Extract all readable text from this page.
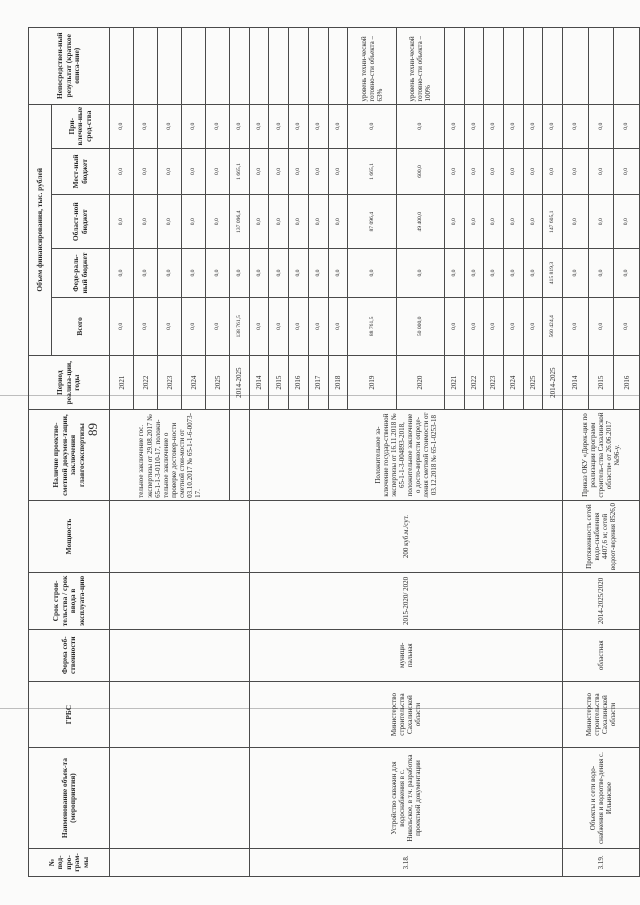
89
№ под-про-грам-мы	Наименование объек-та (мероприятия)	ГРБС	Форма соб-ственности	Срок строи-тельства / срок ввода в эксплуата-цию	Мощность	Наличие проектно-сметной докумен-тации, заключения главгосэкспертизы	Период реализа-ции, годы	Объем финансирования, тыс. рублей					Непосредствен-ный результат (краткое описа-ние)
								Всего	Феде-раль-ный бюджет	Област-ной бюджет	Мест-ный бюджет	При-влечен-ные сред-ства	
						тельное заключение гос. экспертизы от 29.08.2017 № 65-1-1-3-0110-17, положи-тельное заключение о проверке достовер-ности сметной стои-мости от 03.10.2017 № 65-1-1-6-0073-17.	2021	0,0	0,0	0,0	0,0	0,0	
							2022	0,0	0,0	0,0	0,0	0,0	
							2023	0,0	0,0	0,0	0,0	0,0	
							2024	0,0	0,0	0,0	0,0	0,0	
							2025	0,0	0,0	0,0	0,0	0,0	
							2014-2025	138 761,5	0,0	137 096,4	1 665,1	0,0	
3.18.	Устройство скважин для водоснабжения в с. Никольское, в т.ч. разработка проектной документации	Министерство строительства Сахалинской области	муници-пальная	2015-2020/ 2020	200 куб.м./сут.	Положительное за-ключение государ-ственной экспертизы от 16.11.2018 № 65-1-1-3-004893-2018, положительное заключение о досто-верности опреде-ления сметной стоимости от 03.12.2018 № 65-1-0253-18	2014	0,0	0,0	0,0	0,0	0,0	
							2015	0,0	0,0	0,0	0,0	0,0	
							2016	0,0	0,0	0,0	0,0	0,0	
							2017	0,0	0,0	0,0	0,0	0,0	
							2018	0,0	0,0	0,0	0,0	0,0	
							2019	88 761,5	0,0	87 096,4	1 665,1	0,0	уровень техни-ческой готовно-сти объекта – 63%
							2020	50 000,0	0,0	49 400,0	600,0	0,0	уровень техни-ческой готовно-сти объекта – 100%
							2021	0,0	0,0	0,0	0,0	0,0	
							2022	0,0	0,0	0,0	0,0	0,0	
							2023	0,0	0,0	0,0	0,0	0,0	
							2024	0,0	0,0	0,0	0,0	0,0	
							2025	0,0	0,0	0,0	0,0	0,0	
							2014-2025	560 424,4	415 819,3	147 605,1	0,0	0,0	
3.19.	Объекты и сети водо-снабжения и водоотве-дения с. Ильинское	Министерство строительства Сахалинской области	областная	2014-2025/2020	Протяженность сетей водо-снабжения 4407,6 м; сетей водоот-ведения 8526,0	Приказ ОКУ «Дирек-ция по реализации программ строитель-ства Сахалинской области» от 26.06.2017 №96-у.	2014	0,0	0,0	0,0	0,0	0,0	
							2015	0,0	0,0	0,0	0,0	0,0	
							2016	0,0	0,0	0,0	0,0	0,0	
